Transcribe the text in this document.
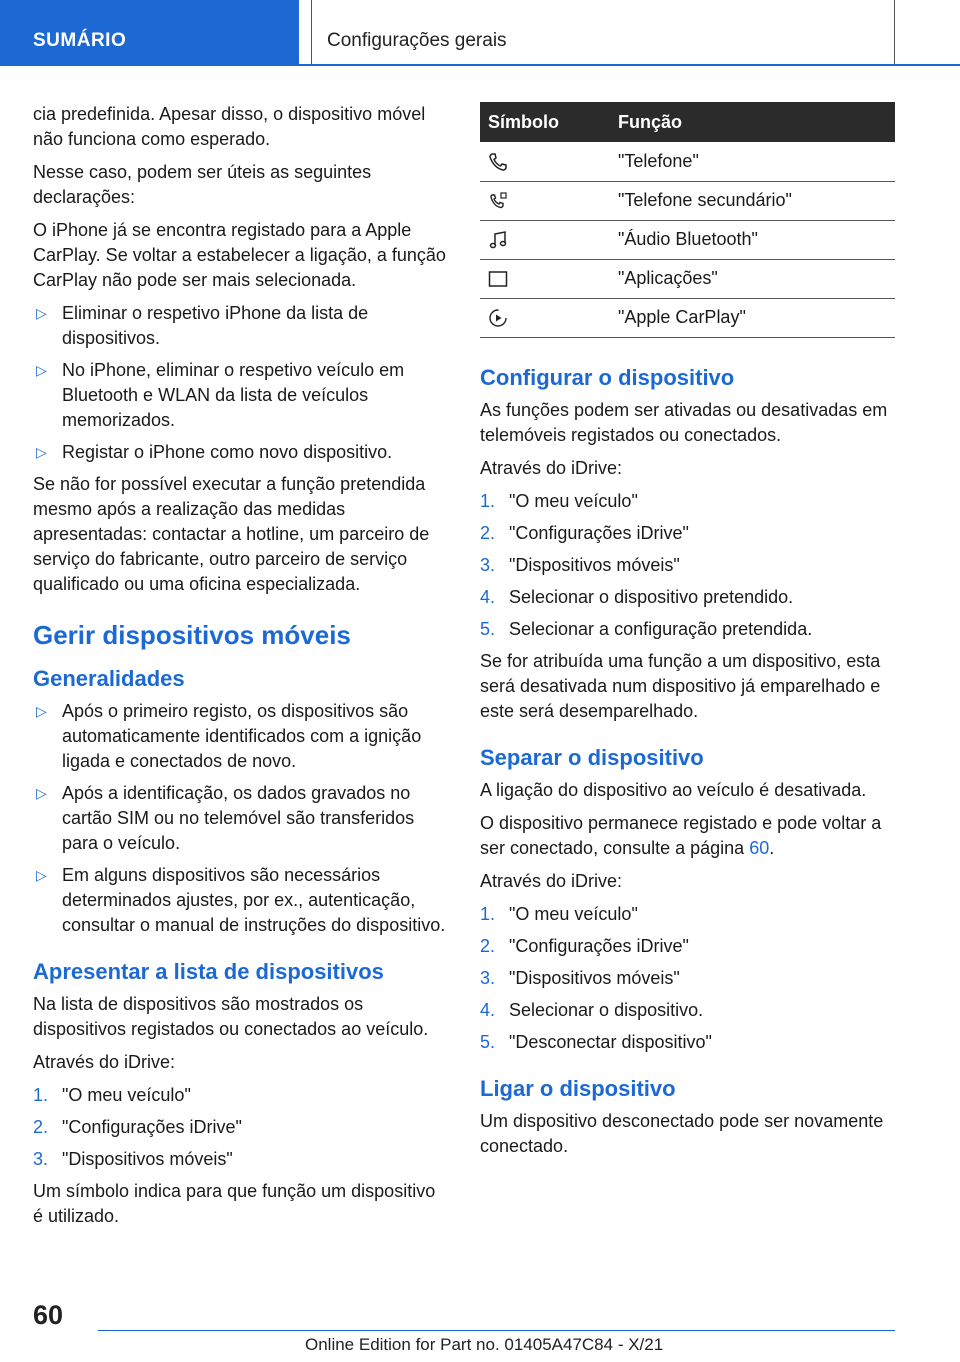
SUMÁRIO	Configurações gerais
cia predefinida. Apesar disso, o dispositivo móvel não funciona como esperado.
Nesse caso, podem ser úteis as seguintes declarações:
O iPhone já se encontra registado para a Apple CarPlay. Se voltar a estabelecer a ligação, a função CarPlay não pode ser mais selecionada.
▷ Eliminar o respetivo iPhone da lista de dispositivos.
▷ No iPhone, eliminar o respetivo veículo em Bluetooth e WLAN da lista de veículos memorizados.
▷ Registar o iPhone como novo dispositivo.
Se não for possível executar a função pretendida mesmo após a realização das medidas apresentadas: contactar a hotline, um parceiro de serviço do fabricante, outro parceiro de serviço qualificado ou uma oficina especializada.
Gerir dispositivos móveis
Generalidades
▷ Após o primeiro registo, os dispositivos são automaticamente identificados com a ignição ligada e conectados de novo.
▷ Após a identificação, os dados gravados no cartão SIM ou no telemóvel são transferidos para o veículo.
▷ Em alguns dispositivos são necessários determinados ajustes, por ex., autenticação, consultar o manual de instruções do dispositivo.
Apresentar a lista de dispositivos
Na lista de dispositivos são mostrados os dispositivos registados ou conectados ao veículo.
Através do iDrive:
1. "O meu veículo"
2. "Configurações iDrive"
3. "Dispositivos móveis"
Um símbolo indica para que função um dispositivo é utilizado.
Símbolo	Função
	"Telefone"
	"Telefone secundário"
	"Áudio Bluetooth"
	"Aplicações"
	"Apple CarPlay"
Configurar o dispositivo
As funções podem ser ativadas ou desativadas em telemóveis registados ou conectados.
Através do iDrive:
1. "O meu veículo"
2. "Configurações iDrive"
3. "Dispositivos móveis"
4. Selecionar o dispositivo pretendido.
5. Selecionar a configuração pretendida.
Se for atribuída uma função a um dispositivo, esta será desativada num dispositivo já emparelhado e este será desemparelhado.
Separar o dispositivo
A ligação do dispositivo ao veículo é desativada.
O dispositivo permanece registado e pode voltar a ser conectado, consulte a página 60.
Através do iDrive:
1. "O meu veículo"
2. "Configurações iDrive"
3. "Dispositivos móveis"
4. Selecionar o dispositivo.
5. "Desconectar dispositivo"
Ligar o dispositivo
Um dispositivo desconectado pode ser novamente conectado.
60
Online Edition for Part no. 01405A47C84 - X/21
